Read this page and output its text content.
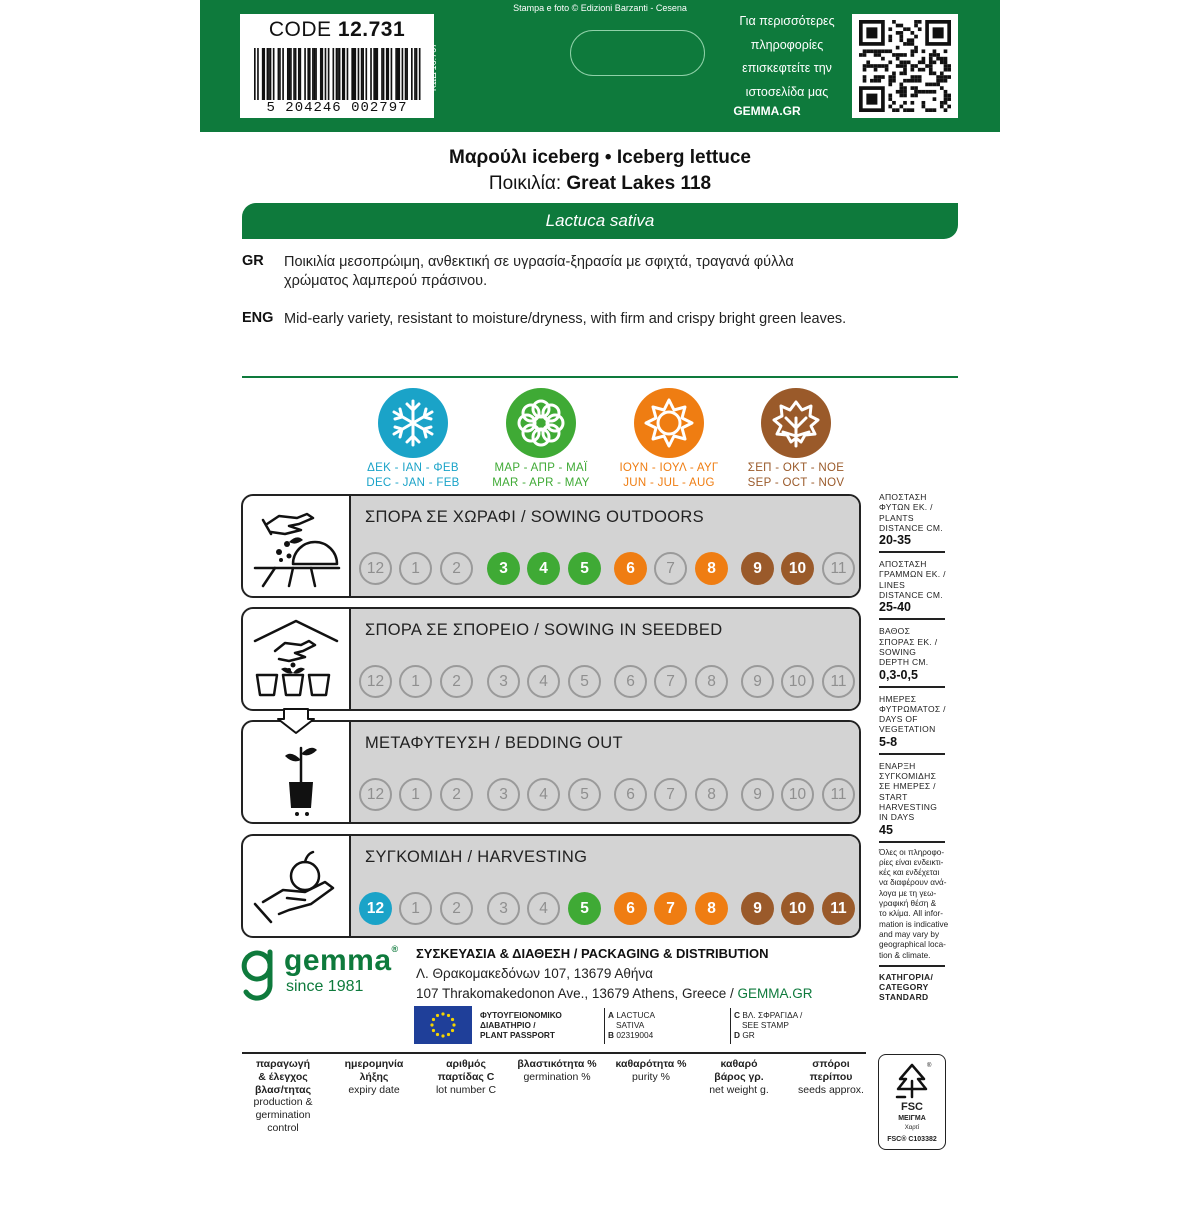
CODE 12.731
5 204246 002797
ΚΩΔ 16.767
Stampa e foto © Edizioni Barzanti - Cesena
Για περισσότερες
πληροφορίες
επισκεφτείτε την
ιστοσελίδα μας
GEMMA.GR
Μαρούλι iceberg • Iceberg lettuce
Ποικιλία: Great Lakes 118
Lactuca sativa
GR Ποικιλία μεσοπρώιμη, ανθεκτική σε υγρασία-ξηρασία με σφιχτά, τραγανά φύλλα
χρώματος λαμπερού πράσινου.
ENG Mid-early variety, resistant to moisture/dryness, with firm and crispy bright green leaves.
ΔΕΚ - ΙΑΝ - ΦΕΒ
DEC - JAN - FEB
ΜΑΡ - ΑΠΡ - ΜΑΪ
MAR - APR - MAY
ΙΟΥΝ - ΙΟΥΛ - ΑΥΓ
JUN - JUL - AUG
ΣΕΠ - ΟΚΤ - ΝΟΕ
SEP - OCT - NOV
ΣΠΟΡΑ ΣΕ ΧΩΡΑΦΙ / SOWING OUTDOORS
12	1	2	3	4	5	6	7	8	9	10	11
ΣΠΟΡΑ ΣΕ ΣΠΟΡΕΙΟ / SOWING IN SEEDBED
12	1	2	3	4	5	6	7	8	9	10	11
ΜΕΤΑΦΥΤΕΥΣΗ / BEDDING OUT
12	1	2	3	4	5	6	7	8	9	10	11
ΣΥΓΚΟΜΙΔΗ / HARVESTING
12	1	2	3	4	5	6	7	8	9	10	11
ΑΠΟΣΤΑΣΗ
ΦΥΤΩΝ ΕΚ. /
PLANTS
DISTANCE CM.
20-35
ΑΠΟΣΤΑΣΗ
ΓΡΑΜΜΩΝ ΕΚ. /
LINES
DISTANCE CM.
25-40
ΒΑΘΟΣ
ΣΠΟΡΑΣ ΕΚ. /
SOWING
DEPTH CM.
0,3-0,5
ΗΜΕΡΕΣ
ΦΥΤΡΩΜΑΤΟΣ /
DAYS OF
VEGETATION
5-8
ΕΝΑΡΞΗ
ΣΥΓΚΟΜΙΔΗΣ
ΣΕ ΗΜΕΡΕΣ /
START
HARVESTING
IN DAYS
45
Όλες οι πληροφο-
ρίες είναι ενδεικτι-
κές και ενδέχεται
να διαφέρουν ανά-
λογα με τη γεω-
γραφική θέση &
το κλίμα. All infor-
mation is indicative
and may vary by
geographical loca-
tion & climate.
ΚΑΤΗΓΟΡΙΑ/
CATEGORY
STANDARD
gemma®
since 1981
ΣΥΣΚΕΥΑΣΙΑ & ΔΙΑΘΕΣΗ / PACKAGING & DISTRIBUTION
Λ. Θρακομακεδόνων 107, 13679 Αθήνα
107 Thrakomakedonon Ave., 13679 Athens, Greece / GEMMA.GR
ΦΥΤΟΥΓΕΙΟΝΟΜΙΚΟ
ΔΙΑΒΑΤΗΡΙΟ /
PLANT PASSPORT
A LACTUCA
SATIVA
B 02319004
C ΒΛ. ΣΦΡΑΓΙΔΑ /
SEE STAMP
D GR
παραγωγή
& έλεγχος
βλασ/τητας
production &
germination
control
ημερομηνία
λήξης
expiry date
αριθμός
παρτίδας C
lot number C
βλαστικότητα %
germination %
καθαρότητα %
purity %
καθαρό
βάρος γρ.
net weight g.
σπόροι
περίπου
seeds approx.
®
FSC
ΜΕΙΓΜΑ
Χαρτί
FSC® C103382
